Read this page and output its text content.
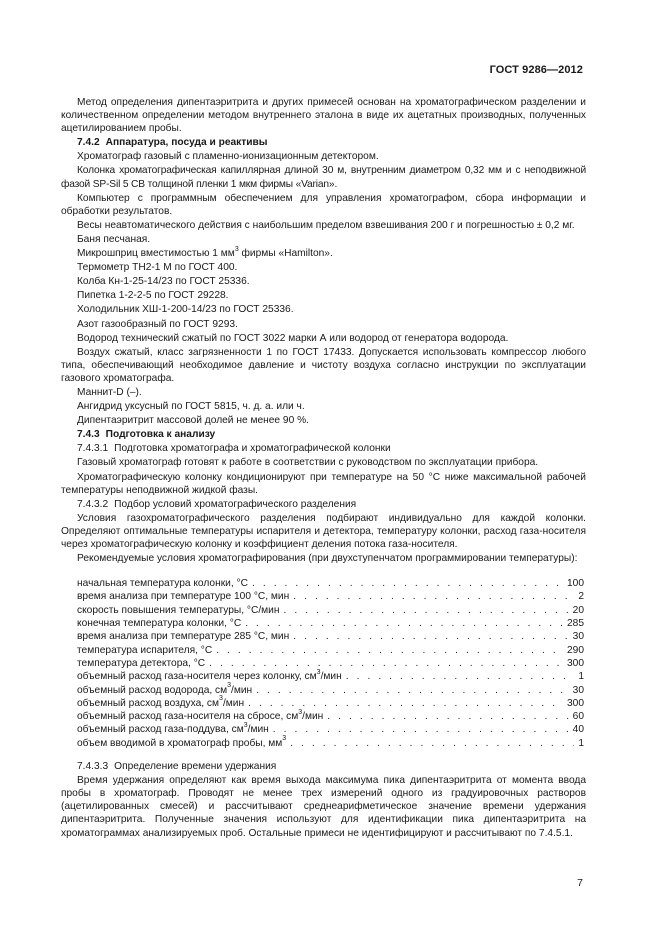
ГОСТ 9286—2012

Метод определения дипентаэритрита и других примесей основан на хроматографическом разделении и количественном определении методом внутреннего эталона в виде их ацетатных производных, полученных ацетилированием пробы.

7.4.2 Аппаратура, посуда и реактивы

Хроматограф газовый с пламенно-ионизационным детектором.

Колонка хроматографическая капиллярная длиной 30 м, внутренним диаметром 0,32 мм и с неподвижной фазой SP-Sil 5 CB толщиной пленки 1 мкм фирмы «Varian».

Компьютер с программным обеспечением для управления хроматографом, сбора информации и обработки результатов.

Весы неавтоматического действия с наибольшим пределом взвешивания 200 г и погрешностью ± 0,2 мг.

Баня песчаная.

Микрошприц вместимостью 1 $мм^3$ фирмы «Hamilton».

Термометр ТН2-1 М по ГОСТ 400.

Колба Кн-1-25-14/23 по ГОСТ 25336.

Пипетка 1-2-2-5 по ГОСТ 29228.

Холодильник ХШ-1-200-14/23 по ГОСТ 25336.

Азот газообразный по ГОСТ 9293.

Водород технический сжатый по ГОСТ 3022 марки А или водород от генератора водорода.

Воздух сжатый, класс загрязненности 1 по ГОСТ 17433. Допускается использовать компрессор любого типа, обеспечивающий необходимое давление и чистоту воздуха согласно инструкции по эксплуатации газового хроматографа.

Маннит-D (–).

Ангидрид уксусный по ГОСТ 5815, ч. д. а. или ч.

Дипентаэритрит массовой долей не менее 90 %.

7.4.3 Подготовка к анализу
7.4.3.1 Подготовка хроматографа и хроматографической колонки

Газовый хроматограф готовят к работе в соответствии с руководством по эксплуатации прибора.

Хроматографическую колонку кондиционируют при температуре на 50 °С ниже максимальной рабочей температуры неподвижной жидкой фазы.

7.4.3.2 Подбор условий хроматографического разделения

Условия газохроматографического разделения подбирают индивидуально для каждой колонки. Определяют оптимальные температуры испарителя и детектора, температуру колонки, расход газа-носителя через хроматографическую колонку и коэффициент деления потока газа-носителя.

Рекомендуемые условия хроматографирования (при двухступенчатом программировании температуры):

начальная температура колонки, °С . . .	100
время анализа при температуре 100 °С, мин . . .	2
скорость повышения температуры, °С/мин . . .	20
конечная температура колонки, °С . . .	285
время анализа при температуре 285 °С, мин . . .	30
температура испарителя, °С . . .	290
температура детектора, °С . . .	300
объемный расход газа-носителя через колонку, $см^3$/мин . . .	1
объемный расход водорода, $см^3$/мин . . .	30
объемный расход воздуха, $см^3$/мин . . .	300
объемный расход газа-носителя на сбросе, $см^3$/мин . . .	60
объемный расход газа-поддува, $см^3$/мин . . .	40
объем вводимой в хроматограф пробы, $мм^3$ . . .	1
7.4.3.3 Определение времени удержания

Время удержания определяют как время выхода максимума пика дипентаэритрита от момента ввода пробы в хроматограф. Проводят не менее трех измерений одного из градуировочных растворов (ацетилированных смесей) и рассчитывают среднеарифметическое значение времени удержания дипентаэритрита. Полученные значения используют для идентификации пика дипентаэритрита на хроматограммах анализируемых проб. Остальные примеси не идентифицируют и рассчитывают по 7.4.5.1.

7
